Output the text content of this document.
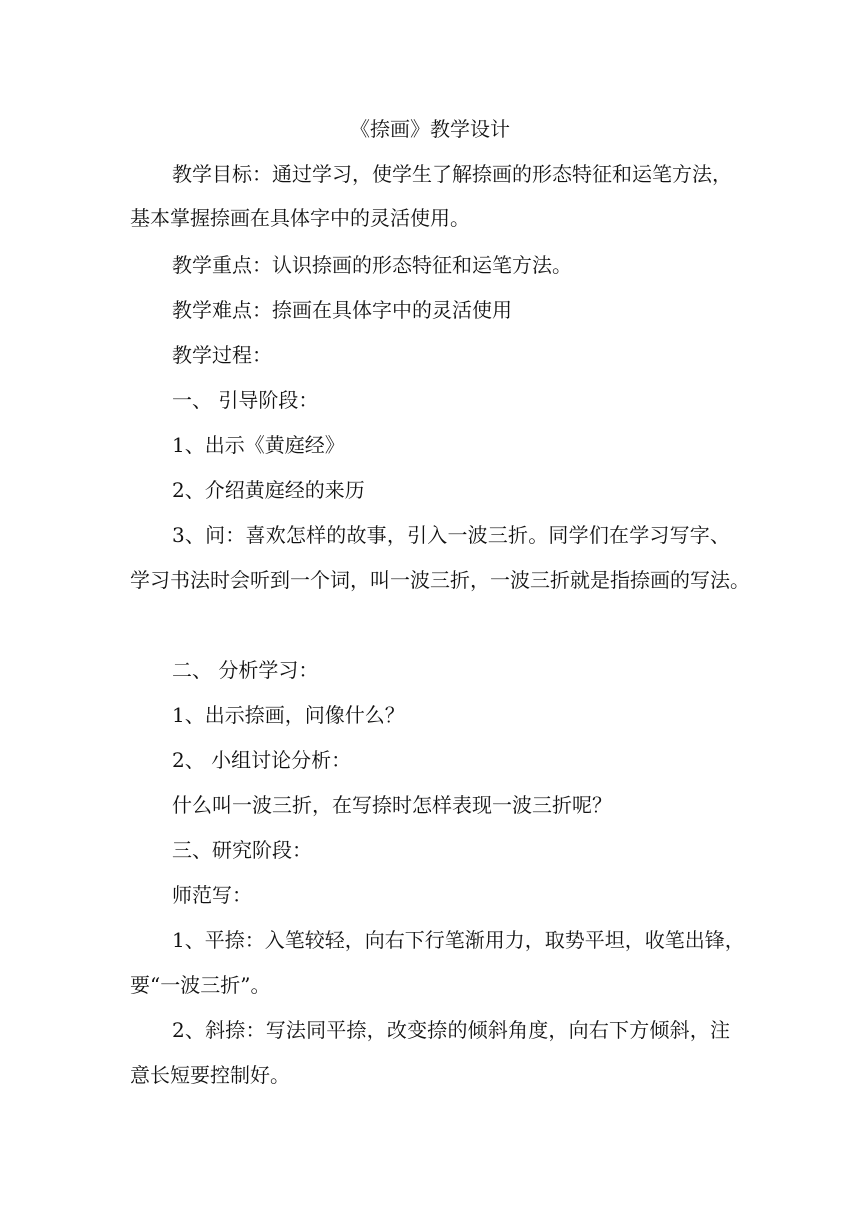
《捺画》教学设计
教学目标：通过学习，使学生了解捺画的形态特征和运笔方法，
基本掌握捺画在具体字中的灵活使用。
教学重点：认识捺画的形态特征和运笔方法。
教学难点：捺画在具体字中的灵活使用
教学过程：
一、 引导阶段：
1、出示《黄庭经》
2、介绍黄庭经的来历
3、问：喜欢怎样的故事，引入一波三折。同学们在学习写字、
学习书法时会听到一个词，叫一波三折，一波三折就是指捺画的写法。
二、 分析学习：
1、出示捺画，问像什么？
2、 小组讨论分析：
什么叫一波三折，在写捺时怎样表现一波三折呢？
三、研究阶段：
师范写：
1、平捺：入笔较轻，向右下行笔渐用力，取势平坦，收笔出锋，
要“一波三折”。
2、斜捺：写法同平捺，改变捺的倾斜角度，向右下方倾斜，注
意长短要控制好。
